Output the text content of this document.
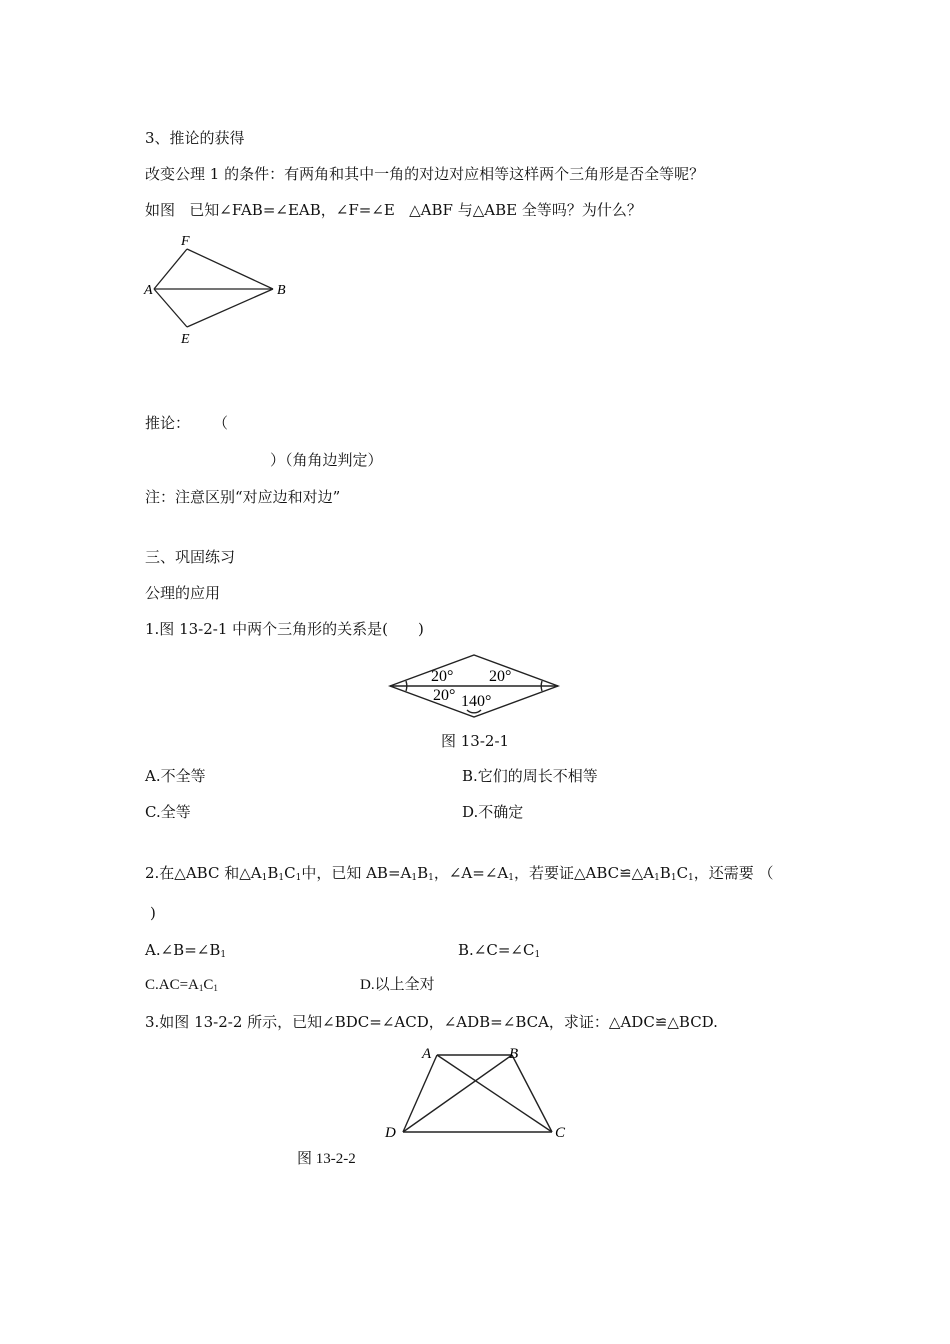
3、推论的获得
改变公理 1 的条件：有两角和其中一角的对边对应相等这样两个三角形是否全等呢？
如图   已知∠FAB=∠EAB，∠F=∠E   △ABF 与△ABE 全等吗？为什么？
F
A	B
E
推论： （
）（角角边判定）
注：注意区别“对应边和对边”
三、巩固练习
公理的应用
1.图 13-2-1 中两个三角形的关系是(　　)
20° 20°
20° 140°
图 13-2-1
A.不全等	B.它们的周长不相等
C.全等	D.不确定
2.在△ABC 和$\triangle A_1B_1C_1$中，已知 $AB=A_1B_1$，$\angle A=\angle A_1$，若要证$\triangle ABC≌\triangle A_1B_1C_1$，还需要 （
)
$A.\angle B=\angle B_1$	$B.\angle C=\angle C_1$
$C.AC=A_1C_1$	D.以上全对
3.如图 13-2-2 所示，已知∠BDC=∠ACD，∠ADB=∠BCA，求证：△ADC≌△BCD.
A	B
C
D
图 13-2-2
